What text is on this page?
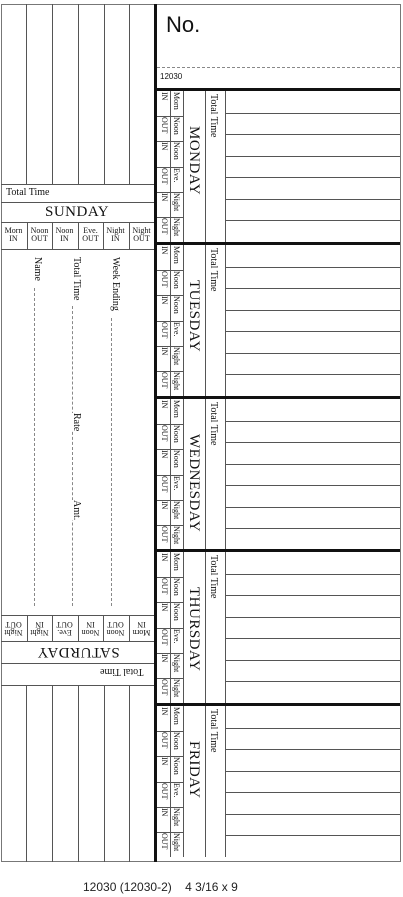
No.
12030
Total Time
SUNDAY
Morn
IN
Noon
OUT
Noon
IN
Eve.
OUT
Night
IN
Night
OUT
Name	Total Time
Rate
Amt.
Week Ending
Morn
IN
Noon
OUT
Noon
IN
Eve.
OUT
Night
IN
Night
OUT
SATURDAY
Total Time
Morn
IN
Noon
OUT
Noon
IN
Eve.
OUT
Night
IN
Night
OUT
MONDAY
Total Time
Morn
IN
Noon
OUT
Noon
IN
Eve.
OUT
Night
IN
Night
OUT
TUESDAY
Total Time
Morn
IN
Noon
OUT
Noon
IN
Eve.
OUT
Night
IN
Night
OUT
WEDNESDAY
Total Time
Morn
IN
Noon
OUT
Noon
IN
Eve.
OUT
Night
IN
Night
OUT
THURSDAY
Total Time
Morn
IN
Noon
OUT
Noon
IN
Eve.
OUT
Night
IN
Night
OUT
FRIDAY
Total Time
12030 (12030-2)    4 3/16 x 9
